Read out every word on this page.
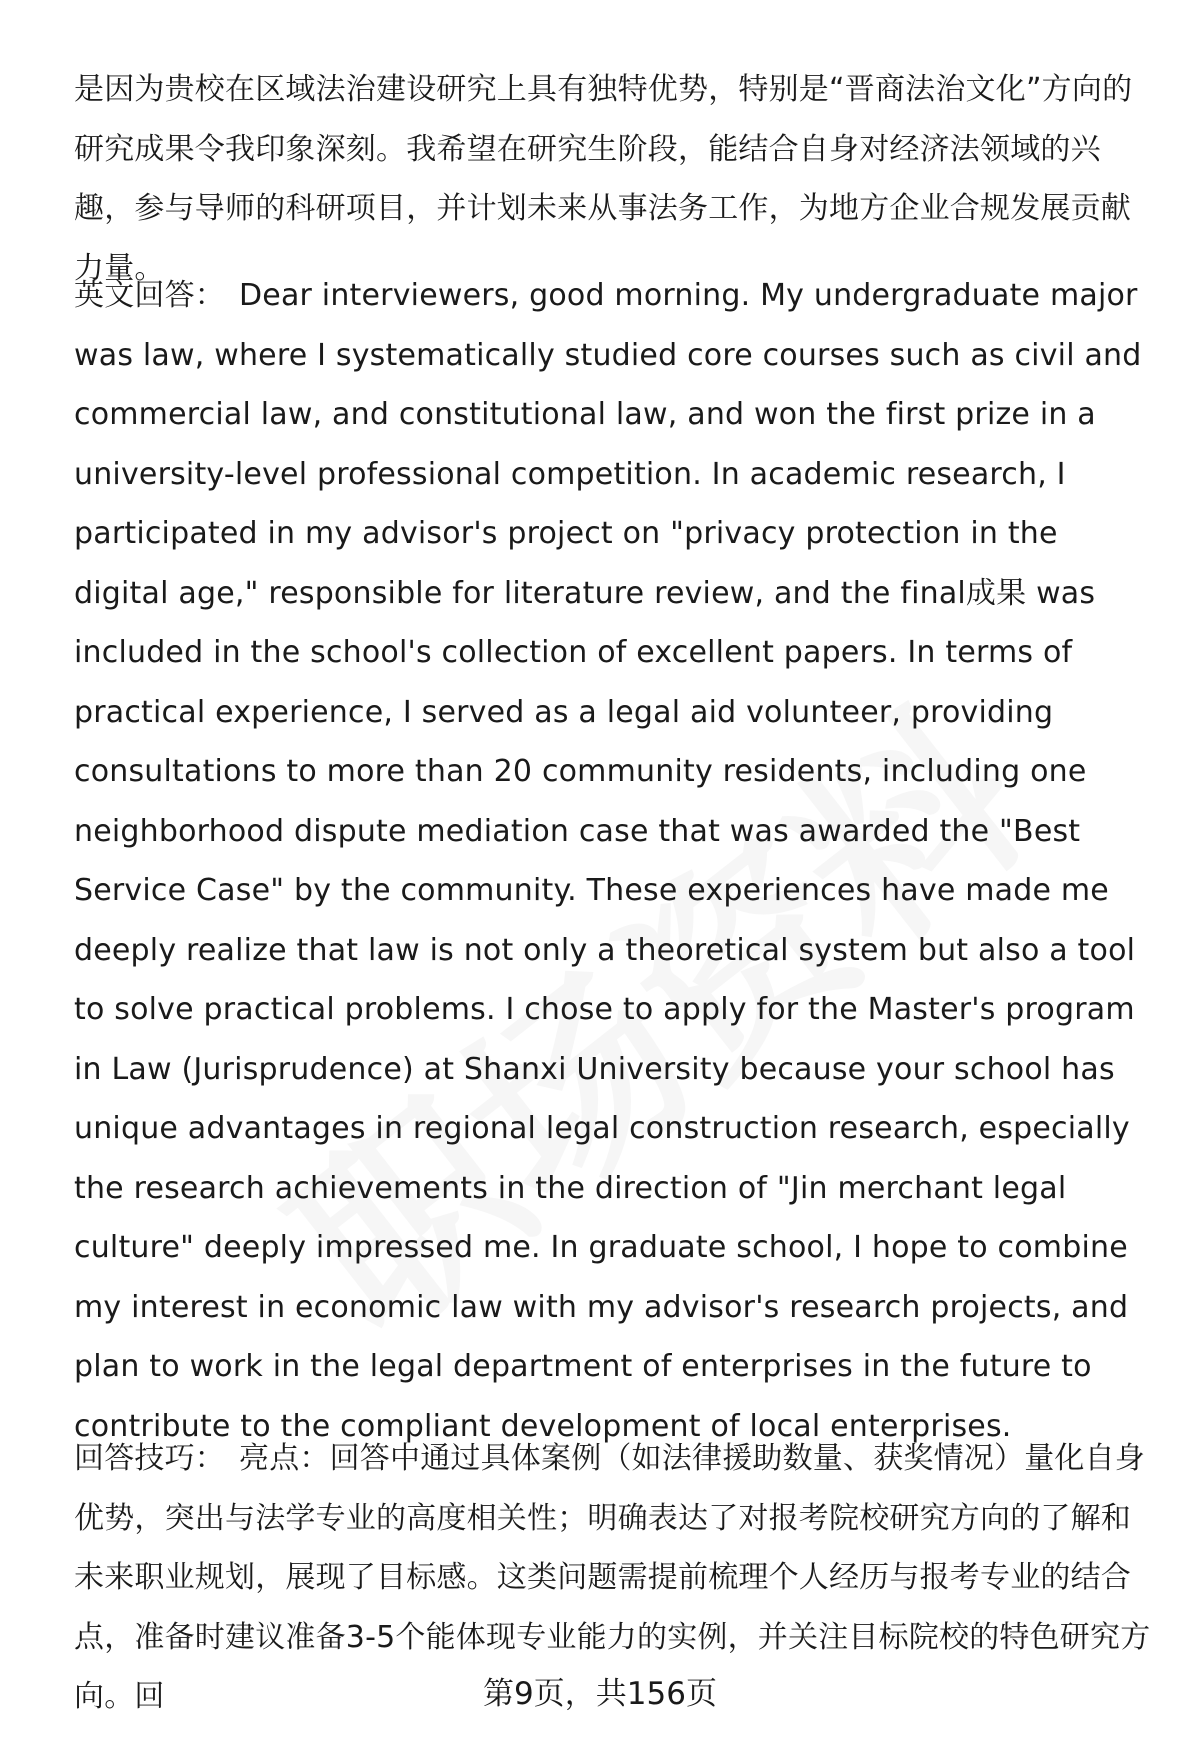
是因为贵校在区域法治建设研究上具有独特优势，特别是“晋商法治文化”方向的研究成果令我印象深刻。我希望在研究生阶段，能结合自身对经济法领域的兴趣，参与导师的科研项目，并计划未来从事法务工作，为地方企业合规发展贡献力量。
英文回答： Dear interviewers, good morning. My undergraduate major was law, where I systematically studied core courses such as civil and commercial law, and constitutional law, and won the first prize in a university-level professional competition. In academic research, I participated in my advisor's project on "privacy protection in the digital age," responsible for literature review, and the final成果 was included in the school's collection of excellent papers. In terms of practical experience, I served as a legal aid volunteer, providing consultations to more than 20 community residents, including one neighborhood dispute mediation case that was awarded the "Best Service Case" by the community. These experiences have made me deeply realize that law is not only a theoretical system but also a tool to solve practical problems. I chose to apply for the Master's program in Law (Jurisprudence) at Shanxi University because your school has unique advantages in regional legal construction research, especially the research achievements in the direction of "Jin merchant legal culture" deeply impressed me. In graduate school, I hope to combine my interest in economic law with my advisor's research projects, and plan to work in the legal department of enterprises in the future to contribute to the compliant development of local enterprises.
回答技巧： 亮点：回答中通过具体案例（如法律援助数量、获奖情况）量化自身优势，突出与法学专业的高度相关性；明确表达了对报考院校研究方向的了解和未来职业规划，展现了目标感。这类问题需提前梳理个人经历与报考专业的结合点，准备时建议准备3-5个能体现专业能力的实例，并关注目标院校的特色研究方向。回	第9页，共156页
